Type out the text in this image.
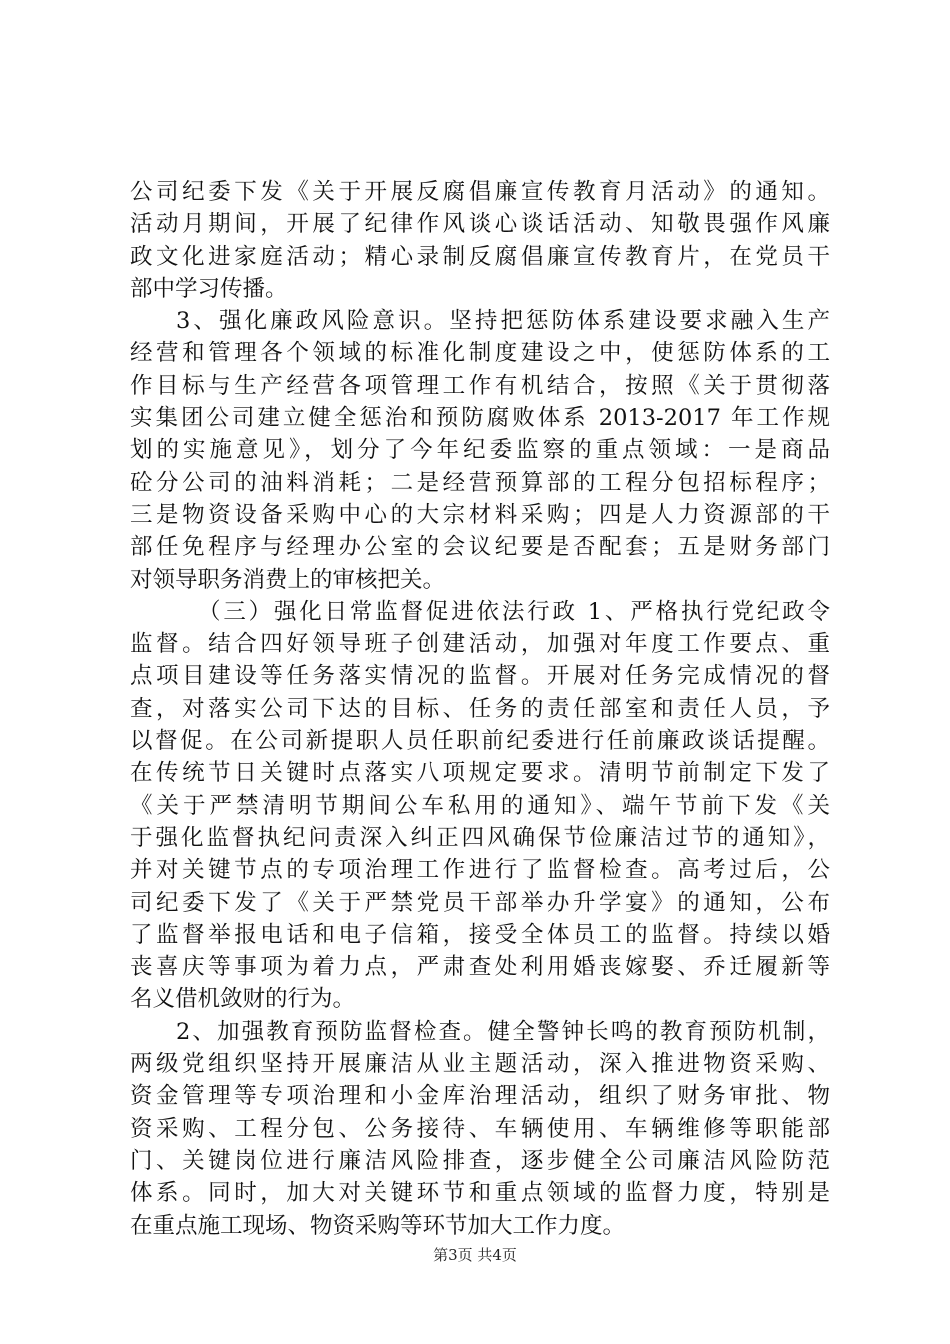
公司纪委下发《关于开展反腐倡廉宣传教育月活动》的通知。
活动月期间，开展了纪律作风谈心谈话活动、知敬畏强作风廉
政文化进家庭活动；精心录制反腐倡廉宣传教育片，在党员干
部中学习传播。
3、强化廉政风险意识。坚持把惩防体系建设要求融入生产
经营和管理各个领域的标准化制度建设之中，使惩防体系的工
作目标与生产经营各项管理工作有机结合，按照《关于贯彻落
实集团公司建立健全惩治和预防腐败体系 2013-2017 年工作规
划的实施意见》，划分了今年纪委监察的重点领域：一是商品
砼分公司的油料消耗；二是经营预算部的工程分包招标程序；
三是物资设备采购中心的大宗材料采购；四是人力资源部的干
部任免程序与经理办公室的会议纪要是否配套；五是财务部门
对领导职务消费上的审核把关。
（三）强化日常监督促进依法行政 1、严格执行党纪政令
监督。结合四好领导班子创建活动，加强对年度工作要点、重
点项目建设等任务落实情况的监督。开展对任务完成情况的督
查，对落实公司下达的目标、任务的责任部室和责任人员，予
以督促。在公司新提职人员任职前纪委进行任前廉政谈话提醒。
在传统节日关键时点落实八项规定要求。清明节前制定下发了
《关于严禁清明节期间公车私用的通知》、端午节前下发《关
于强化监督执纪问责深入纠正四风确保节俭廉洁过节的通知》，
并对关键节点的专项治理工作进行了监督检查。高考过后，公
司纪委下发了《关于严禁党员干部举办升学宴》的通知，公布
了监督举报电话和电子信箱，接受全体员工的监督。持续以婚
丧喜庆等事项为着力点，严肃查处利用婚丧嫁娶、乔迁履新等
名义借机敛财的行为。
2、加强教育预防监督检查。健全警钟长鸣的教育预防机制，
两级党组织坚持开展廉洁从业主题活动，深入推进物资采购、
资金管理等专项治理和小金库治理活动，组织了财务审批、物
资采购、工程分包、公务接待、车辆使用、车辆维修等职能部
门、关键岗位进行廉洁风险排查，逐步健全公司廉洁风险防范
体系。同时，加大对关键环节和重点领域的监督力度，特别是
在重点施工现场、物资采购等环节加大工作力度。
第3页 共4页
